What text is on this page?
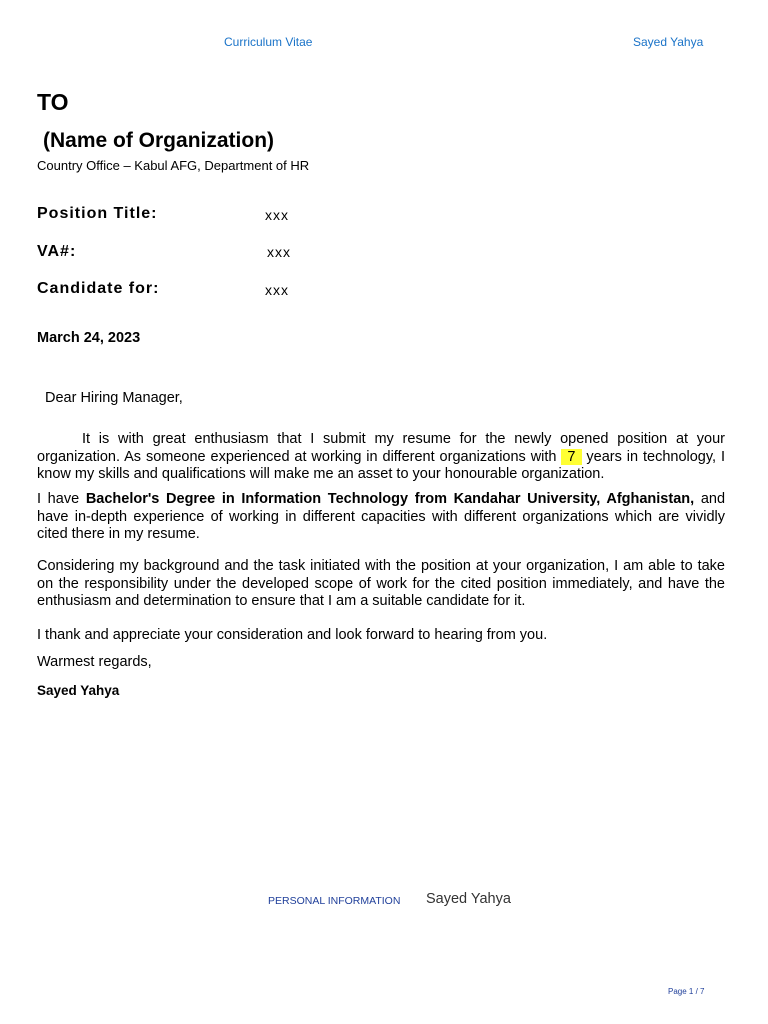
Curriculum Vitae	Sayed Yahya
TO
(Name of Organization)
Country Office – Kabul AFG, Department of HR
Position Title:	xxx
VA#:	xxx
Candidate for:	xxx
March 24, 2023
Dear Hiring Manager,

It is with great enthusiasm that I submit my resume for the newly opened position at your organization. As someone experienced at working in different organizations with 7 years in technology, I know my skills and qualifications will make me an asset to your honourable organization.

I have Bachelor's Degree in Information Technology from Kandahar University, Afghanistan, and have in-depth experience of working in different capacities with different organizations which are vividly cited there in my resume.

Considering my background and the task initiated with the position at your organization, I am able to take on the responsibility under the developed scope of work for the cited position immediately, and have the enthusiasm and determination to ensure that I am a suitable candidate for it.

I thank and appreciate your consideration and look forward to hearing from you.

Warmest regards,

Sayed Yahya
PERSONAL INFORMATION Sayed Yahya
Page 1 / 7
